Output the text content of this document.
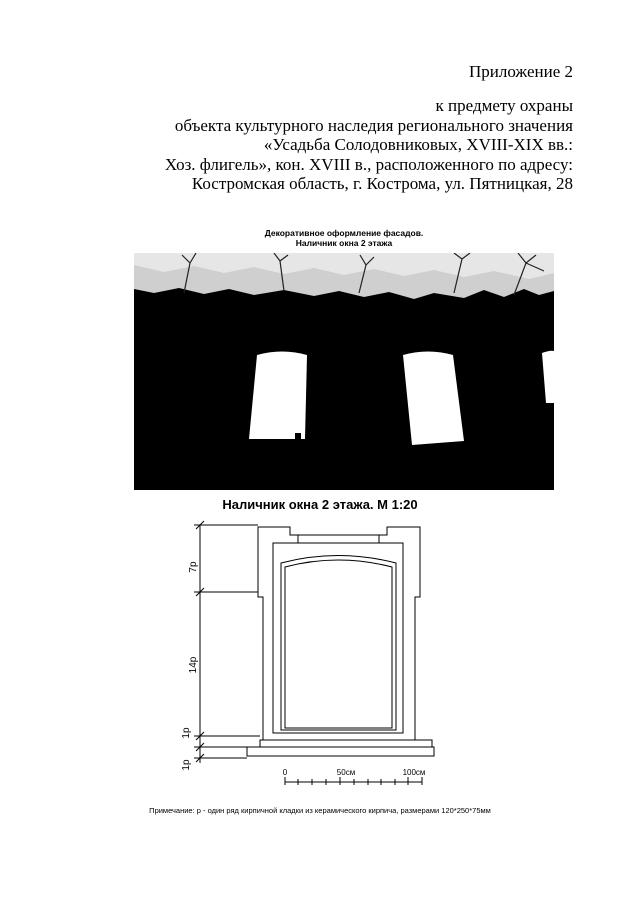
Приложение 2
к предмету охраны
объекта культурного наследия регионального значения
«Усадьба Солодовниковых, XVIII-XIX вв.:
Хоз. флигель», кон. XVIII в., расположенного по адресу:
Костромская область, г. Кострома, ул. Пятницкая, 28
Декоративное оформление фасадов.
Наличник окна 2 этажа
Наличник окна 2 этажа. М 1:20
7р
14р
1р
1р
0	50см	100см
Примечание: р - один ряд кирпичной кладки из керамического кирпича, размерами 120*250*75мм
